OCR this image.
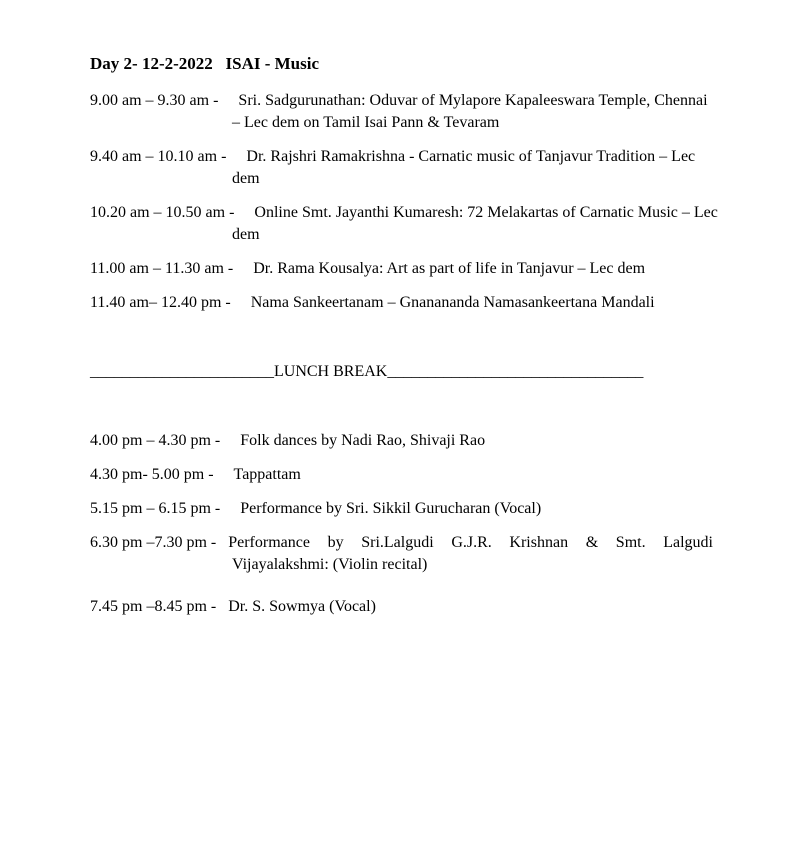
Day 2- 12-2-2022   ISAI - Music
9.00 am – 9.30 am -	Sri. Sadgurunathan: Oduvar of Mylapore Kapaleeswara Temple, Chennai
– Lec dem on Tamil Isai Pann & Tevaram
9.40 am – 10.10 am -	Dr. Rajshri Ramakrishna - Carnatic music of Tanjavur Tradition – Lec
dem
10.20 am – 10.50 am -	Online Smt. Jayanthi Kumaresh: 72 Melakartas of Carnatic Music – Lec
dem
11.00 am – 11.30 am -	Dr. Rama Kousalya: Art as part of life in Tanjavur – Lec dem
11.40 am– 12.40 pm -	Nama Sankeertanam – Gnanananda Namasankeertana Mandali
_______________________LUNCH BREAK________________________________
4.00 pm – 4.30 pm -	Folk dances by Nadi Rao, Shivaji Rao
4.30 pm- 5.00 pm -	Tappattam
5.15 pm – 6.15 pm -	Performance by Sri. Sikkil Gurucharan (Vocal)
6.30 pm –7.30 pm - Performance by Sri.Lalgudi G.J.R. Krishnan & Smt. Lalgudi
Vijayalakshmi: (Violin recital)
7.45 pm –8.45 pm - Dr. S. Sowmya (Vocal)
